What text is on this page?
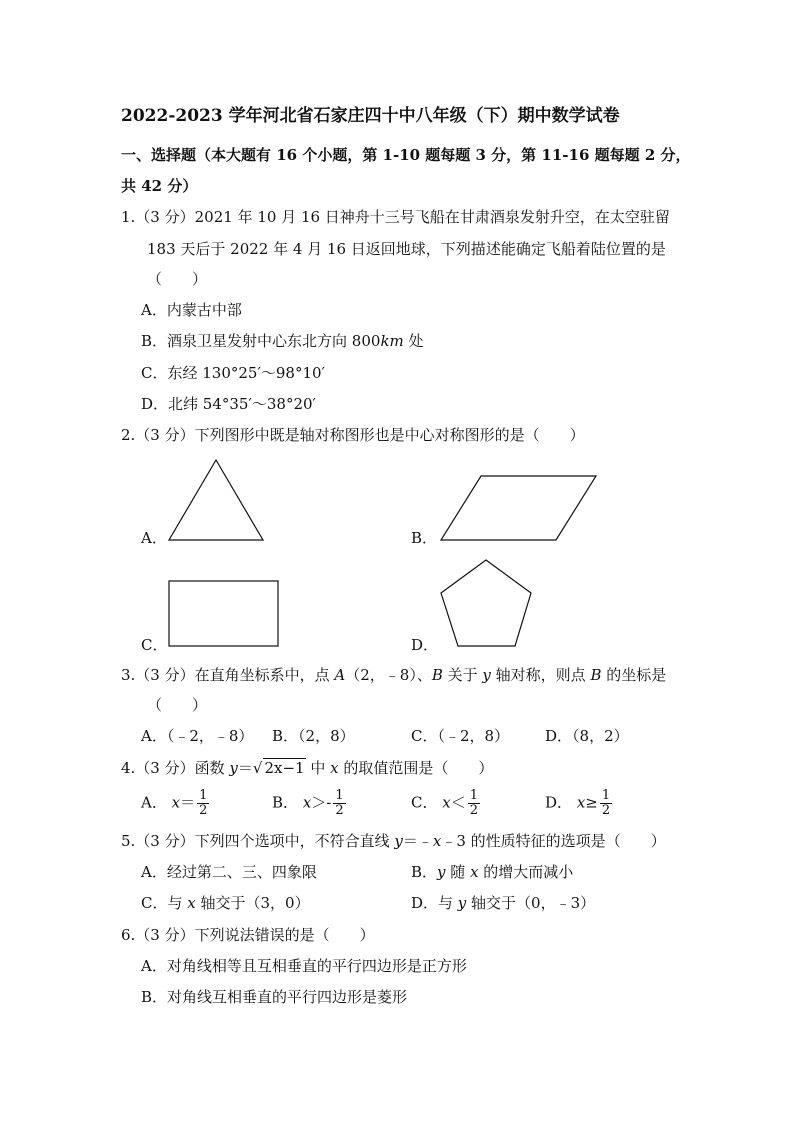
2022-2023 学年河北省石家庄四十中八年级（下）期中数学试卷
一、选择题（本大题有 16 个小题，第 1-10 题每题 3 分，第 11-16 题每题 2 分，
共 42 分）
1.（3 分）2021 年 10 月 16 日神舟十三号飞船在甘肃酒泉发射升空，在太空驻留
183 天后于 2022 年 4 月 16 日返回地球，下列描述能确定飞船着陆位置的是
（　　）
A．内蒙古中部
B．酒泉卫星发射中心东北方向 800km 处
C．东经 130°25′～98°10′
D．北纬 54°35′～38°20′
2.（3 分）下列图形中既是轴对称图形也是中心对称图形的是（　　）
A．	B．
C．	D．
3.（3 分）在直角坐标系中，点 A（2，﹣8）、B 关于 y 轴对称，则点 B 的坐标是
（　　）
A．（﹣2，﹣8） B．（2，8）	C．（﹣2，8） D．（8，2）
4.（3 分）函数 y＝√ 2x−1 中 x 的取值范围是（　　）
A． $x= \frac{1}{2}$	B． $x>- \frac{1}{2}$	C． $x< \frac{1}{2}$	D． $x\ge \frac{1}{2}$
5.（3 分）下列四个选项中，不符合直线 y＝﹣x﹣3 的性质特征的选项是（　　）
A．经过第二、三、四象限	B．y 随 x 的增大而减小
C．与 x 轴交于（3，0）	D．与 y 轴交于（0，﹣3）
6.（3 分）下列说法错误的是（　　）
A．对角线相等且互相垂直的平行四边形是正方形
B．对角线互相垂直的平行四边形是菱形
